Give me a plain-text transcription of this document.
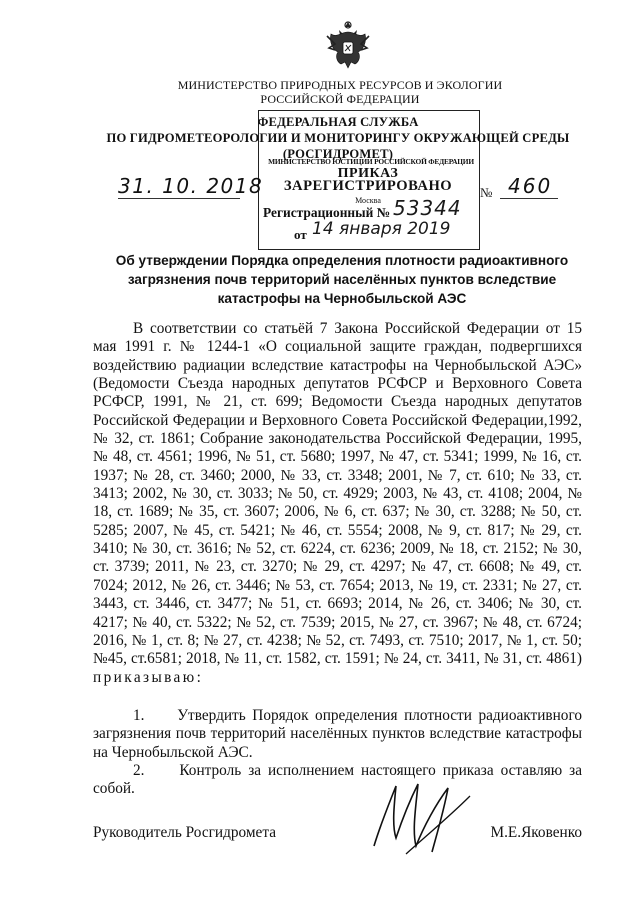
МИНИСТЕРСТВО ПРИРОДНЫХ РЕСУРСОВ И ЭКОЛОГИИ
РОССИЙСКОЙ ФЕДЕРАЦИИ
ФЕДЕРАЛЬНАЯ СЛУЖБА
ПО ГИДРОМЕТЕОРОЛОГИИ И МОНИТОРИНГУ ОКРУЖАЮЩЕЙ СРЕДЫ
(РОСГИДРОМЕТ)
МИНИСТЕРСТВО ЮСТИЦИИ РОССИЙСКОЙ ФЕДЕРАЦИИ
ПРИКАЗ
ЗАРЕГИСТРИРОВАНО
Москва
Регистрационный № 53344
от 14 января 2019
31. 10. 2018	№ 460
Об утверждении Порядка определения плотности радиоактивного
загрязнения почв территорий населённых пунктов вследствие
катастрофы на Чернобыльской АЭС

В соответствии со статьёй 7 Закона Российской Федерации от 15 мая 1991 г. № 1244-1 «О социальной защите граждан, подвергшихся воздействию радиации вследствие катастрофы на Чернобыльской АЭС» (Ведомости Съезда народных депутатов РСФСР и Верховного Совета РСФСР, 1991, № 21, ст. 699; Ведомости Съезда народных депутатов Российской Федерации и Верховного Совета Российской Федерации,1992, № 32, ст. 1861; Собрание законодательства Российской Федерации, 1995, № 48, ст. 4561; 1996, № 51, ст. 5680; 1997, № 47, ст. 5341; 1999, № 16, ст. 1937; № 28, ст. 3460; 2000, № 33, ст. 3348; 2001, № 7, ст. 610; № 33, ст. 3413; 2002, № 30, ст. 3033; № 50, ст. 4929; 2003, № 43, ст. 4108; 2004, № 18, ст. 1689; № 35, ст. 3607; 2006, № 6, ст. 637; № 30, ст. 3288; № 50, ст. 5285; 2007, № 45, ст. 5421; № 46, ст. 5554; 2008, № 9, ст. 817; № 29, ст. 3410; № 30, ст. 3616; № 52, ст. 6224, ст. 6236; 2009, № 18, ст. 2152; № 30, ст. 3739; 2011, № 23, ст. 3270; № 29, ст. 4297; № 47, ст. 6608; № 49, ст. 7024; 2012, № 26, ст. 3446; № 53, ст. 7654; 2013, № 19, ст. 2331; № 27, ст. 3443, ст. 3446, ст. 3477; № 51, ст. 6693; 2014, № 26, ст. 3406; № 30, ст. 4217; № 40, ст. 5322; № 52, ст. 7539; 2015, № 27, ст. 3967; № 48, ст. 6724; 2016, № 1, ст. 8; № 27, ст. 4238; № 52, ст. 7493, ст. 7510; 2017, № 1, ст. 50; №45, ст.6581; 2018, № 11, ст. 1582, ст. 1591; № 24, ст. 3411, № 31, ст. 4861) приказываю:

1.     Утвердить Порядок определения плотности радиоактивного загрязнения почв территорий населённых пунктов вследствие катастрофы на Чернобыльской АЭС.

2.     Контроль за исполнением настоящего приказа оставляю за собой.

Руководитель Росгидромета	М.Е.Яковенко
